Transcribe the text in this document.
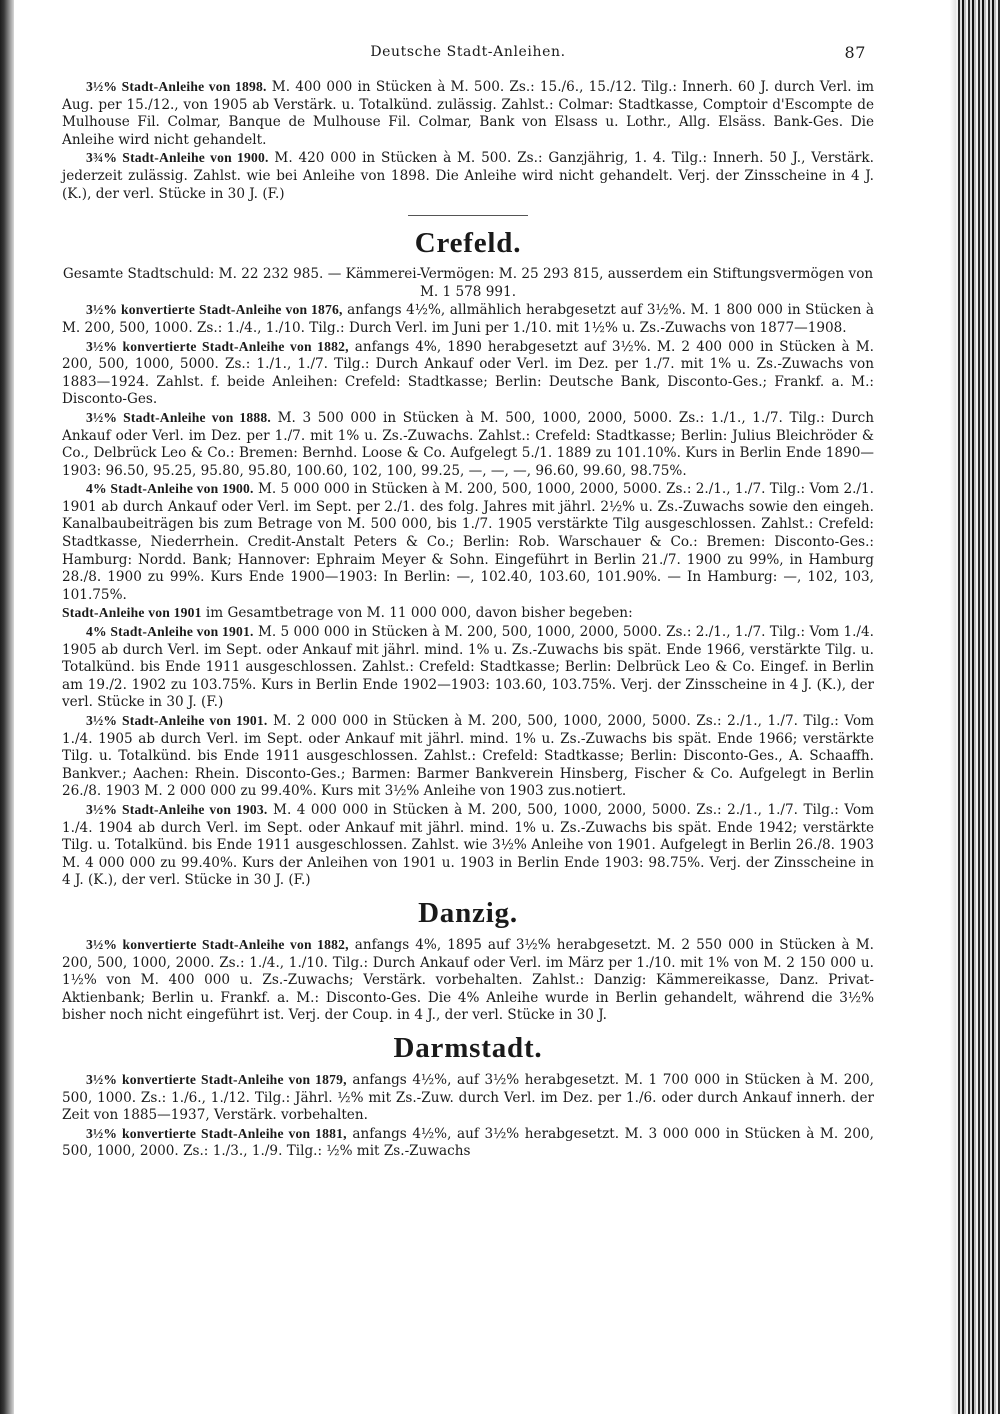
Deutsche Stadt-Anleihen.	87

3½% Stadt-Anleihe von 1898. M. 400 000 in Stücken à M. 500. Zs.: 15./6., 15./12. Tilg.: Innerh. 60 J. durch Verl. im Aug. per 15./12., von 1905 ab Verstärk. u. Totalkünd. zulässig. Zahlst.: Colmar: Stadtkasse, Comptoir d'Escompte de Mulhouse Fil. Colmar, Banque de Mulhouse Fil. Colmar, Bank von Elsass u. Lothr., Allg. Elsäss. Bank-Ges. Die Anleihe wird nicht gehandelt.

3¾% Stadt-Anleihe von 1900. M. 420 000 in Stücken à M. 500. Zs.: Ganzjährig, 1. 4. Tilg.: Innerh. 50 J., Verstärk. jederzeit zulässig. Zahlst. wie bei Anleihe von 1898. Die Anleihe wird nicht gehandelt. Verj. der Zinsscheine in 4 J. (K.), der verl. Stücke in 30 J. (F.)

Crefeld.

Gesamte Stadtschuld: M. 22 232 985. — Kämmerei-Vermögen: M. 25 293 815, ausserdem ein Stiftungsvermögen von M. 1 578 991.

3½% konvertierte Stadt-Anleihe von 1876, anfangs 4½%, allmählich herabgesetzt auf 3½%. M. 1 800 000 in Stücken à M. 200, 500, 1000. Zs.: 1./4., 1./10. Tilg.: Durch Verl. im Juni per 1./10. mit 1½% u. Zs.-Zuwachs von 1877—1908.

3½% konvertierte Stadt-Anleihe von 1882, anfangs 4%, 1890 herabgesetzt auf 3½%. M. 2 400 000 in Stücken à M. 200, 500, 1000, 5000. Zs.: 1./1., 1./7. Tilg.: Durch Ankauf oder Verl. im Dez. per 1./7. mit 1% u. Zs.-Zuwachs von 1883—1924. Zahlst. f. beide Anleihen: Crefeld: Stadtkasse; Berlin: Deutsche Bank, Disconto-Ges.; Frankf. a. M.: Disconto-Ges.

3½% Stadt-Anleihe von 1888. M. 3 500 000 in Stücken à M. 500, 1000, 2000, 5000. Zs.: 1./1., 1./7. Tilg.: Durch Ankauf oder Verl. im Dez. per 1./7. mit 1% u. Zs.-Zuwachs. Zahlst.: Crefeld: Stadtkasse; Berlin: Julius Bleichröder & Co., Delbrück Leo & Co.: Bremen: Bernhd. Loose & Co. Aufgelegt 5./1. 1889 zu 101.10%. Kurs in Berlin Ende 1890—1903: 96.50, 95.25, 95.80, 95.80, 100.60, 102, 100, 99.25, —, —, —, 96.60, 99.60, 98.75%.

4% Stadt-Anleihe von 1900. M. 5 000 000 in Stücken à M. 200, 500, 1000, 2000, 5000. Zs.: 2./1., 1./7. Tilg.: Vom 2./1. 1901 ab durch Ankauf oder Verl. im Sept. per 2./1. des folg. Jahres mit jährl. 2½% u. Zs.-Zuwachs sowie den eingeh. Kanalbaubeiträgen bis zum Betrage von M. 500 000, bis 1./7. 1905 verstärkte Tilg ausgeschlossen. Zahlst.: Crefeld: Stadtkasse, Niederrhein. Credit-Anstalt Peters & Co.; Berlin: Rob. Warschauer & Co.: Bremen: Disconto-Ges.: Hamburg: Nordd. Bank; Hannover: Ephraim Meyer & Sohn. Eingeführt in Berlin 21./7. 1900 zu 99%, in Hamburg 28./8. 1900 zu 99%. Kurs Ende 1900—1903: In Berlin: —, 102.40, 103.60, 101.90%. — In Hamburg: —, 102, 103, 101.75%.

Stadt-Anleihe von 1901 im Gesamtbetrage von M. 11 000 000, davon bisher begeben:

4% Stadt-Anleihe von 1901. M. 5 000 000 in Stücken à M. 200, 500, 1000, 2000, 5000. Zs.: 2./1., 1./7. Tilg.: Vom 1./4. 1905 ab durch Verl. im Sept. oder Ankauf mit jährl. mind. 1% u. Zs.-Zuwachs bis spät. Ende 1966, verstärkte Tilg. u. Totalkünd. bis Ende 1911 ausgeschlossen. Zahlst.: Crefeld: Stadtkasse; Berlin: Delbrück Leo & Co. Eingef. in Berlin am 19./2. 1902 zu 103.75%. Kurs in Berlin Ende 1902—1903: 103.60, 103.75%. Verj. der Zinsscheine in 4 J. (K.), der verl. Stücke in 30 J. (F.)

3½% Stadt-Anleihe von 1901. M. 2 000 000 in Stücken à M. 200, 500, 1000, 2000, 5000. Zs.: 2./1., 1./7. Tilg.: Vom 1./4. 1905 ab durch Verl. im Sept. oder Ankauf mit jährl. mind. 1% u. Zs.-Zuwachs bis spät. Ende 1966; verstärkte Tilg. u. Totalkünd. bis Ende 1911 ausgeschlossen. Zahlst.: Crefeld: Stadtkasse; Berlin: Disconto-Ges., A. Schaaffh. Bankver.; Aachen: Rhein. Disconto-Ges.; Barmen: Barmer Bankverein Hinsberg, Fischer & Co. Aufgelegt in Berlin 26./8. 1903 M. 2 000 000 zu 99.40%. Kurs mit 3½% Anleihe von 1903 zus.notiert.

3½% Stadt-Anleihe von 1903. M. 4 000 000 in Stücken à M. 200, 500, 1000, 2000, 5000. Zs.: 2./1., 1./7. Tilg.: Vom 1./4. 1904 ab durch Verl. im Sept. oder Ankauf mit jährl. mind. 1% u. Zs.-Zuwachs bis spät. Ende 1942; verstärkte Tilg. u. Totalkünd. bis Ende 1911 ausgeschlossen. Zahlst. wie 3½% Anleihe von 1901. Aufgelegt in Berlin 26./8. 1903 M. 4 000 000 zu 99.40%. Kurs der Anleihen von 1901 u. 1903 in Berlin Ende 1903: 98.75%. Verj. der Zinsscheine in 4 J. (K.), der verl. Stücke in 30 J. (F.)

Danzig.

3½% konvertierte Stadt-Anleihe von 1882, anfangs 4%, 1895 auf 3½% herabgesetzt. M. 2 550 000 in Stücken à M. 200, 500, 1000, 2000. Zs.: 1./4., 1./10. Tilg.: Durch Ankauf oder Verl. im März per 1./10. mit 1% von M. 2 150 000 u. 1½% von M. 400 000 u. Zs.-Zuwachs; Verstärk. vorbehalten. Zahlst.: Danzig: Kämmereikasse, Danz. Privat-Aktienbank; Berlin u. Frankf. a. M.: Disconto-Ges. Die 4% Anleihe wurde in Berlin gehandelt, während die 3½% bisher noch nicht eingeführt ist. Verj. der Coup. in 4 J., der verl. Stücke in 30 J.

Darmstadt.

3½% konvertierte Stadt-Anleihe von 1879, anfangs 4½%, auf 3½% herabgesetzt. M. 1 700 000 in Stücken à M. 200, 500, 1000. Zs.: 1./6., 1./12. Tilg.: Jährl. ½% mit Zs.-Zuw. durch Verl. im Dez. per 1./6. oder durch Ankauf innerh. der Zeit von 1885—1937, Verstärk. vorbehalten.

3½% konvertierte Stadt-Anleihe von 1881, anfangs 4½%, auf 3½% herabgesetzt. M. 3 000 000 in Stücken à M. 200, 500, 1000, 2000. Zs.: 1./3., 1./9. Tilg.: ½% mit Zs.-Zuwachs
